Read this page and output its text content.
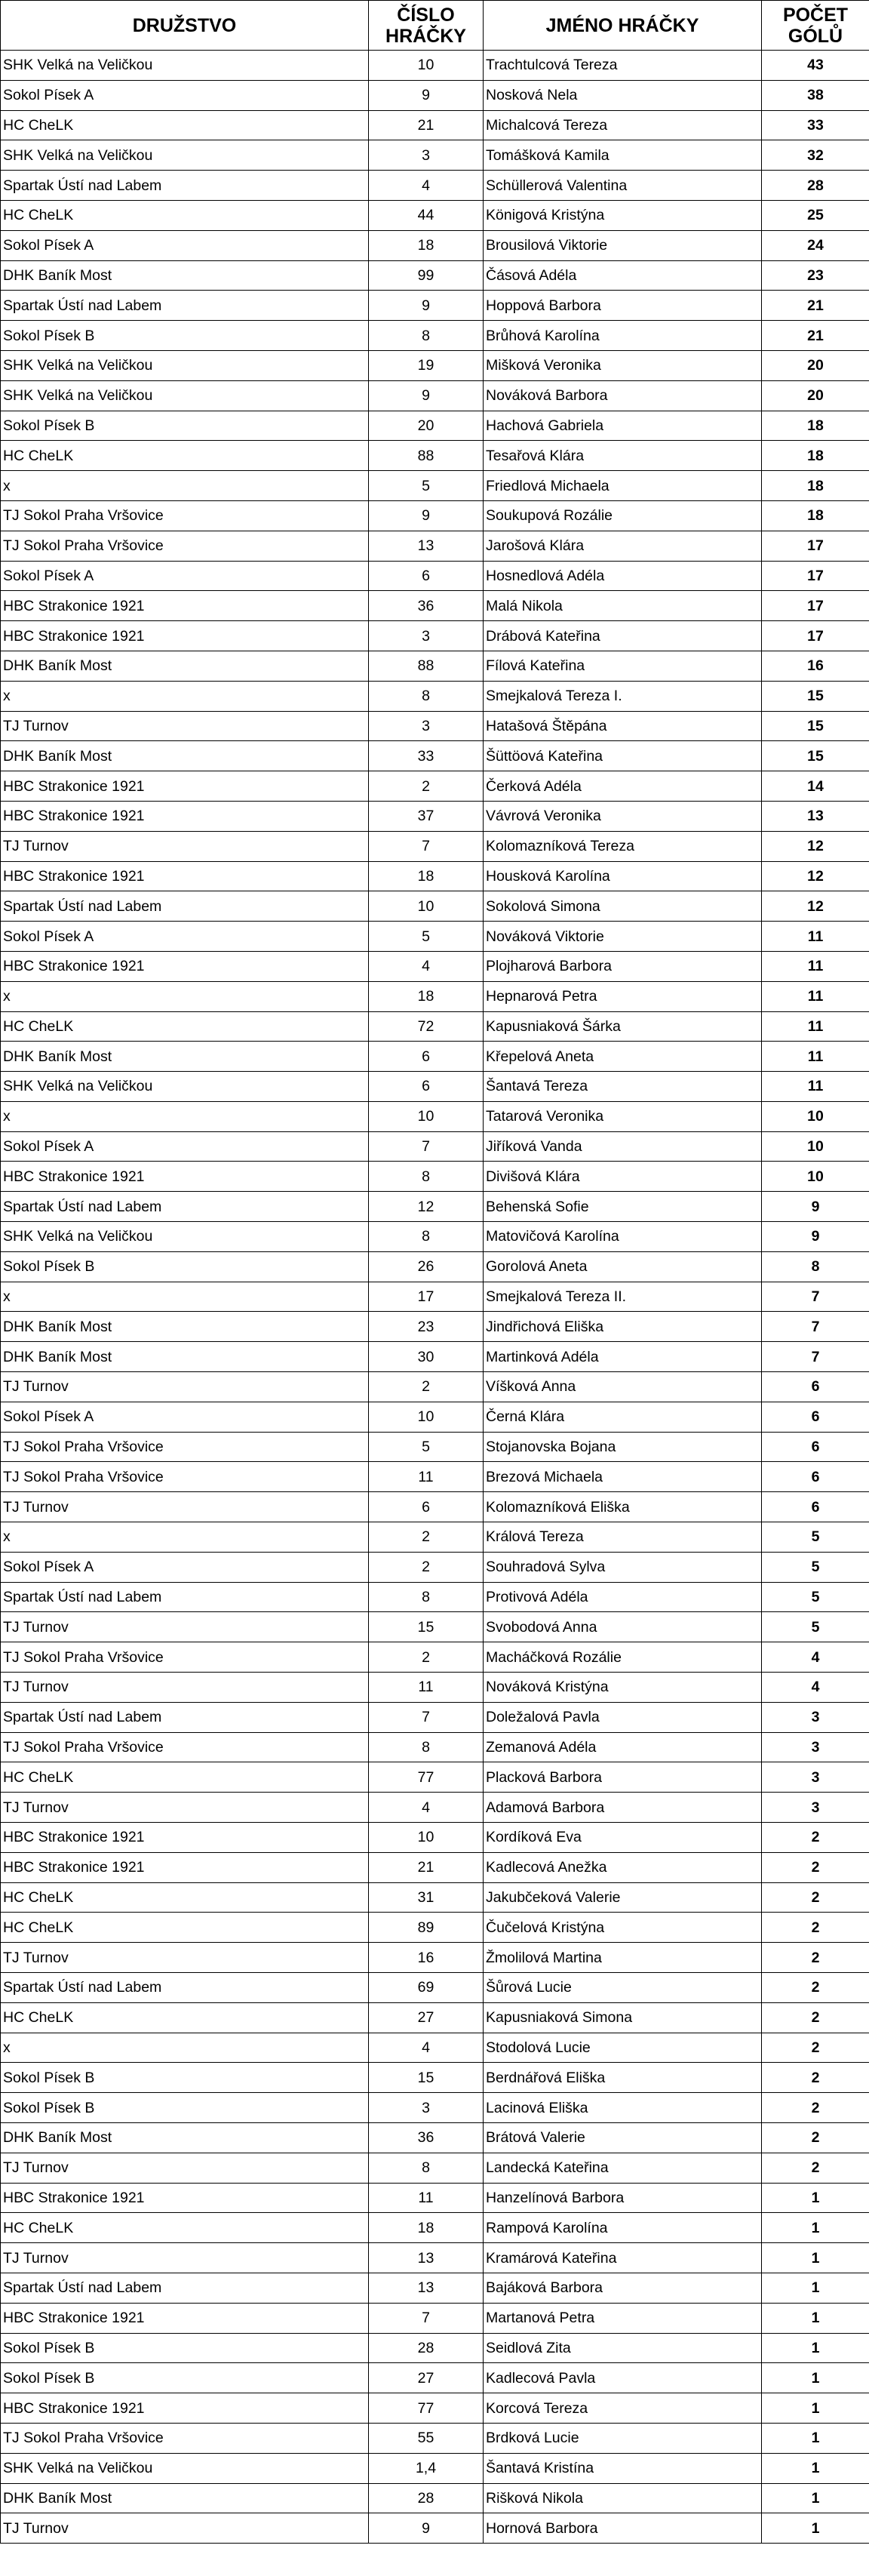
DRUŽSTVO	ČÍSLO HRÁČKY	JMÉNO HRÁČKY	POČET GÓLŮ
SHK Velká na Veličkou	10	Trachtulcová Tereza	43
Sokol Písek A	9	Nosková Nela	38
HC CheLK	21	Michalcová Tereza	33
SHK Velká na Veličkou	3	Tomášková Kamila	32
Spartak Ústí nad Labem	4	Schüllerová Valentina	28
HC CheLK	44	Königová Kristýna	25
Sokol Písek A	18	Brousilová Viktorie	24
DHK Baník Most	99	Čásová Adéla	23
Spartak Ústí nad Labem	9	Hoppová Barbora	21
Sokol Písek B	8	Brůhová Karolína	21
SHK Velká na Veličkou	19	Mišková Veronika	20
SHK Velká na Veličkou	9	Nováková Barbora	20
Sokol Písek B	20	Hachová Gabriela	18
HC CheLK	88	Tesařová Klára	18
x	5	Friedlová Michaela	18
TJ Sokol Praha Vršovice	9	Soukupová Rozálie	18
TJ Sokol Praha Vršovice	13	Jarošová Klára	17
Sokol Písek A	6	Hosnedlová Adéla	17
HBC Strakonice 1921	36	Malá Nikola	17
HBC Strakonice 1921	3	Drábová Kateřina	17
DHK Baník Most	88	Fílová Kateřina	16
x	8	Smejkalová Tereza I.	15
TJ Turnov	3	Hatašová Štěpána	15
DHK Baník Most	33	Šüttöová Kateřina	15
HBC Strakonice 1921	2	Čerková Adéla	14
HBC Strakonice 1921	37	Vávrová Veronika	13
TJ Turnov	7	Kolomazníková Tereza	12
HBC Strakonice 1921	18	Housková Karolína	12
Spartak Ústí nad Labem	10	Sokolová Simona	12
Sokol Písek A	5	Nováková Viktorie	11
HBC Strakonice 1921	4	Plojharová Barbora	11
x	18	Hepnarová Petra	11
HC CheLK	72	Kapusniaková Šárka	11
DHK Baník Most	6	Křepelová Aneta	11
SHK Velká na Veličkou	6	Šantavá Tereza	11
x	10	Tatarová Veronika	10
Sokol Písek A	7	Jiříková Vanda	10
HBC Strakonice 1921	8	Divišová Klára	10
Spartak Ústí nad Labem	12	Behenská Sofie	9
SHK Velká na Veličkou	8	Matovičová Karolína	9
Sokol Písek B	26	Gorolová Aneta	8
x	17	Smejkalová Tereza II.	7
DHK Baník Most	23	Jindřichová Eliška	7
DHK Baník Most	30	Martinková Adéla	7
TJ Turnov	2	Víšková Anna	6
Sokol Písek A	10	Černá Klára	6
TJ Sokol Praha Vršovice	5	Stojanovska Bojana	6
TJ Sokol Praha Vršovice	11	Brezová Michaela	6
TJ Turnov	6	Kolomazníková Eliška	6
x	2	Králová Tereza	5
Sokol Písek A	2	Souhradová Sylva	5
Spartak Ústí nad Labem	8	Protivová Adéla	5
TJ Turnov	15	Svobodová Anna	5
TJ Sokol Praha Vršovice	2	Macháčková Rozálie	4
TJ Turnov	11	Nováková Kristýna	4
Spartak Ústí nad Labem	7	Doležalová Pavla	3
TJ Sokol Praha Vršovice	8	Zemanová Adéla	3
HC CheLK	77	Placková Barbora	3
TJ Turnov	4	Adamová Barbora	3
HBC Strakonice 1921	10	Kordíková Eva	2
HBC Strakonice 1921	21	Kadlecová Anežka	2
HC CheLK	31	Jakubčeková Valerie	2
HC CheLK	89	Čučelová Kristýna	2
TJ Turnov	16	Žmolilová Martina	2
Spartak Ústí nad Labem	69	Šůrová Lucie	2
HC CheLK	27	Kapusniaková Simona	2
x	4	Stodolová Lucie	2
Sokol Písek B	15	Berdnářová Eliška	2
Sokol Písek B	3	Lacinová Eliška	2
DHK Baník Most	36	Brátová Valerie	2
TJ Turnov	8	Landecká Kateřina	2
HBC Strakonice 1921	11	Hanzelínová Barbora	1
HC CheLK	18	Rampová Karolína	1
TJ Turnov	13	Kramárová Kateřina	1
Spartak Ústí nad Labem	13	Bajáková Barbora	1
HBC Strakonice 1921	7	Martanová Petra	1
Sokol Písek B	28	Seidlová Zita	1
Sokol Písek B	27	Kadlecová Pavla	1
HBC Strakonice 1921	77	Korcová Tereza	1
TJ Sokol Praha Vršovice	55	Brdková Lucie	1
SHK Velká na Veličkou	1,4	Šantavá Kristína	1
DHK Baník Most	28	Rišková Nikola	1
TJ Turnov	9	Hornová Barbora	1
